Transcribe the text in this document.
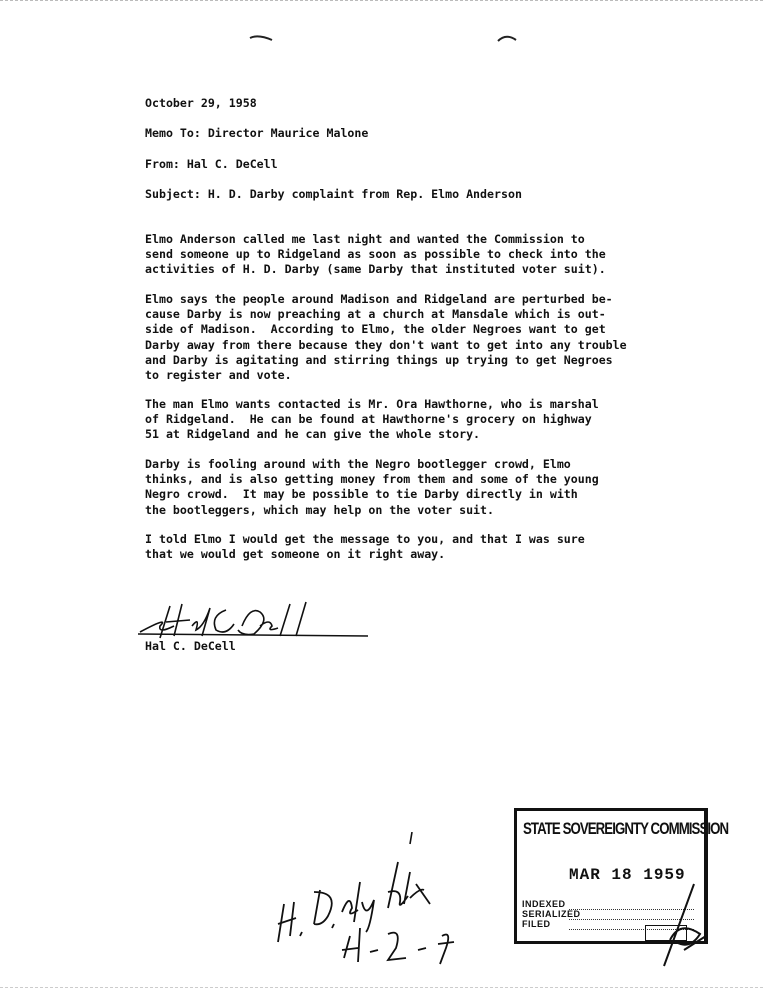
October 29, 1958
Memo To: Director Maurice Malone
From: Hal C. DeCell
Subject: H. D. Darby complaint from Rep. Elmo Anderson
Elmo Anderson called me last night and wanted the Commission to
send someone up to Ridgeland as soon as possible to check into the
activities of H. D. Darby (same Darby that instituted voter suit).
Elmo says the people around Madison and Ridgeland are perturbed be-
cause Darby is now preaching at a church at Mansdale which is out-
side of Madison.  According to Elmo, the older Negroes want to get
Darby away from there because they don't want to get into any trouble
and Darby is agitating and stirring things up trying to get Negroes
to register and vote.
The man Elmo wants contacted is Mr. Ora Hawthorne, who is marshal
of Ridgeland.  He can be found at Hawthorne's grocery on highway
51 at Ridgeland and he can give the whole story.
Darby is fooling around with the Negro bootlegger crowd, Elmo
thinks, and is also getting money from them and some of the young
Negro crowd.  It may be possible to tie Darby directly in with
the bootleggers, which may help on the voter suit.
I told Elmo I would get the message to you, and that I was sure
that we would get someone on it right away.
Hal C. DeCell
STATE SOVEREIGNTY COMMISSION
MAR 18 1959
INDEXED
SERIALIZED
FILED
